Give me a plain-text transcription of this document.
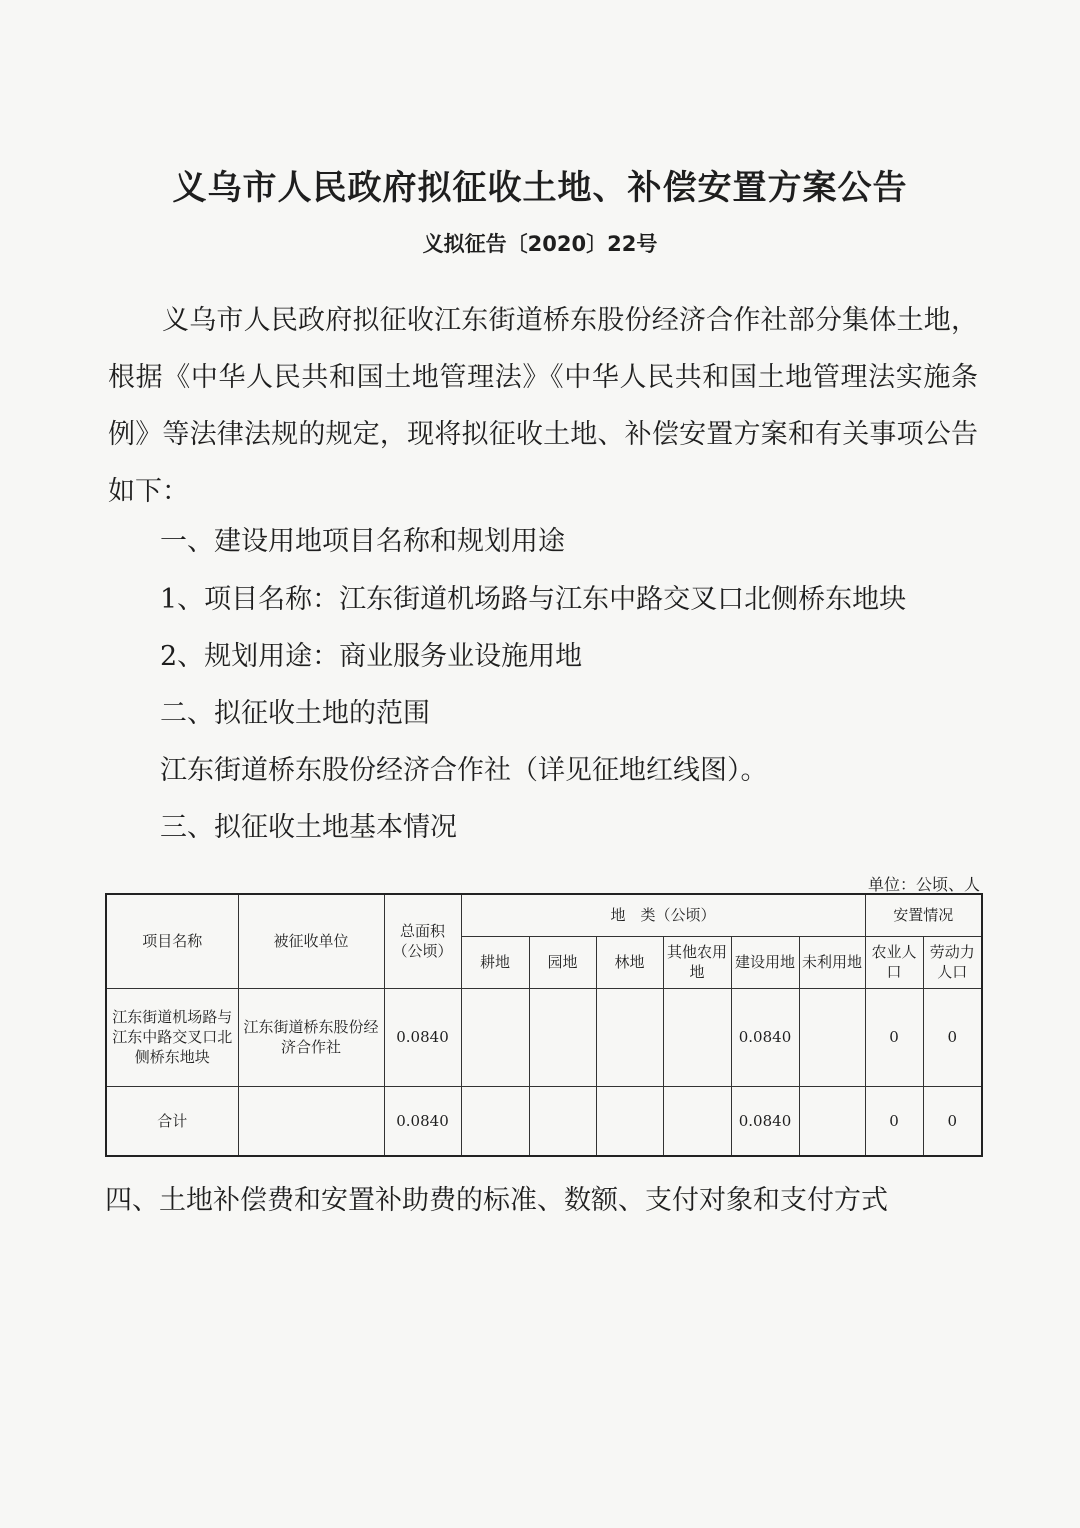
义乌市人民政府拟征收土地、补偿安置方案公告
义拟征告〔2020〕22号
义乌市人民政府拟征收江东街道桥东股份经济合作社部分集体土地，根据《中华人民共和国土地管理法》《中华人民共和国土地管理法实施条例》等法律法规的规定，现将拟征收土地、补偿安置方案和有关事项公告如下：
一、建设用地项目名称和规划用途
1、项目名称：江东街道机场路与江东中路交叉口北侧桥东地块
2、规划用途：商业服务业设施用地
二、拟征收土地的范围
江东街道桥东股份经济合作社（详见征地红线图）。
三、拟征收土地基本情况
单位：公顷、人
项目名称	被征收单位	总面积（公顷）	地　类（公顷）						安置情况	
			耕地	园地	林地	其他农用地	建设用地	未利用地	农业人口	劳动力人口
江东街道机场路与江东中路交叉口北侧桥东地块	江东街道桥东股份经济合作社	0.0840					0.0840		0	0
合计		0.0840					0.0840		0	0
四、土地补偿费和安置补助费的标准、数额、支付对象和支付方式
